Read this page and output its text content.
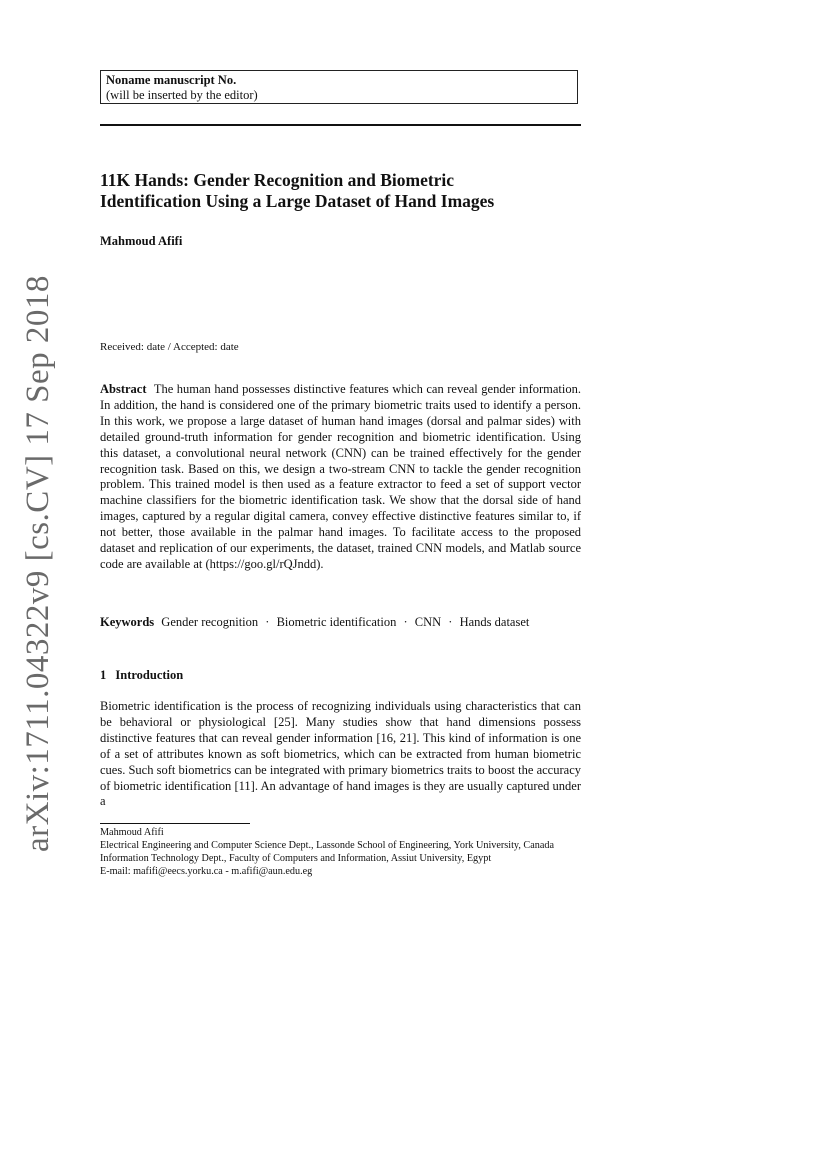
arXiv:1711.04322v9 [cs.CV] 17 Sep 2018
Noname manuscript No.
(will be inserted by the editor)
11K Hands: Gender Recognition and Biometric
Identification Using a Large Dataset of Hand Images
Mahmoud Afifi
Received: date / Accepted: date
Abstract The human hand possesses distinctive features which can reveal gender information. In addition, the hand is considered one of the primary biometric traits used to identify a person. In this work, we propose a large dataset of human hand images (dorsal and palmar sides) with detailed ground-truth information for gender recognition and biometric identification. Using this dataset, a convolutional neural network (CNN) can be trained effectively for the gender recognition task. Based on this, we design a two-stream CNN to tackle the gender recognition problem. This trained model is then used as a feature extractor to feed a set of support vector machine classifiers for the biometric identification task. We show that the dorsal side of hand images, captured by a regular digital camera, convey effective distinctive features similar to, if not better, those available in the palmar hand images. To facilitate access to the proposed dataset and replication of our experiments, the dataset, trained CNN models, and Matlab source code are available at (https://goo.gl/rQJndd).
Keywords Gender recognition · Biometric identification · CNN · Hands dataset
1 Introduction
Biometric identification is the process of recognizing individuals using characteristics that can be behavioral or physiological [25]. Many studies show that hand dimensions possess distinctive features that can reveal gender information [16, 21]. This kind of information is one of a set of attributes known as soft biometrics, which can be extracted from human biometric cues. Such soft biometrics can be integrated with primary biometrics traits to boost the accuracy of biometric identification [11]. An advantage of hand images is they are usually captured under a

Mahmoud Afifi

Electrical Engineering and Computer Science Dept., Lassonde School of Engineering, York University, Canada

Information Technology Dept., Faculty of Computers and Information, Assiut University, Egypt

E-mail: mafifi@eecs.yorku.ca - m.afifi@aun.edu.eg
